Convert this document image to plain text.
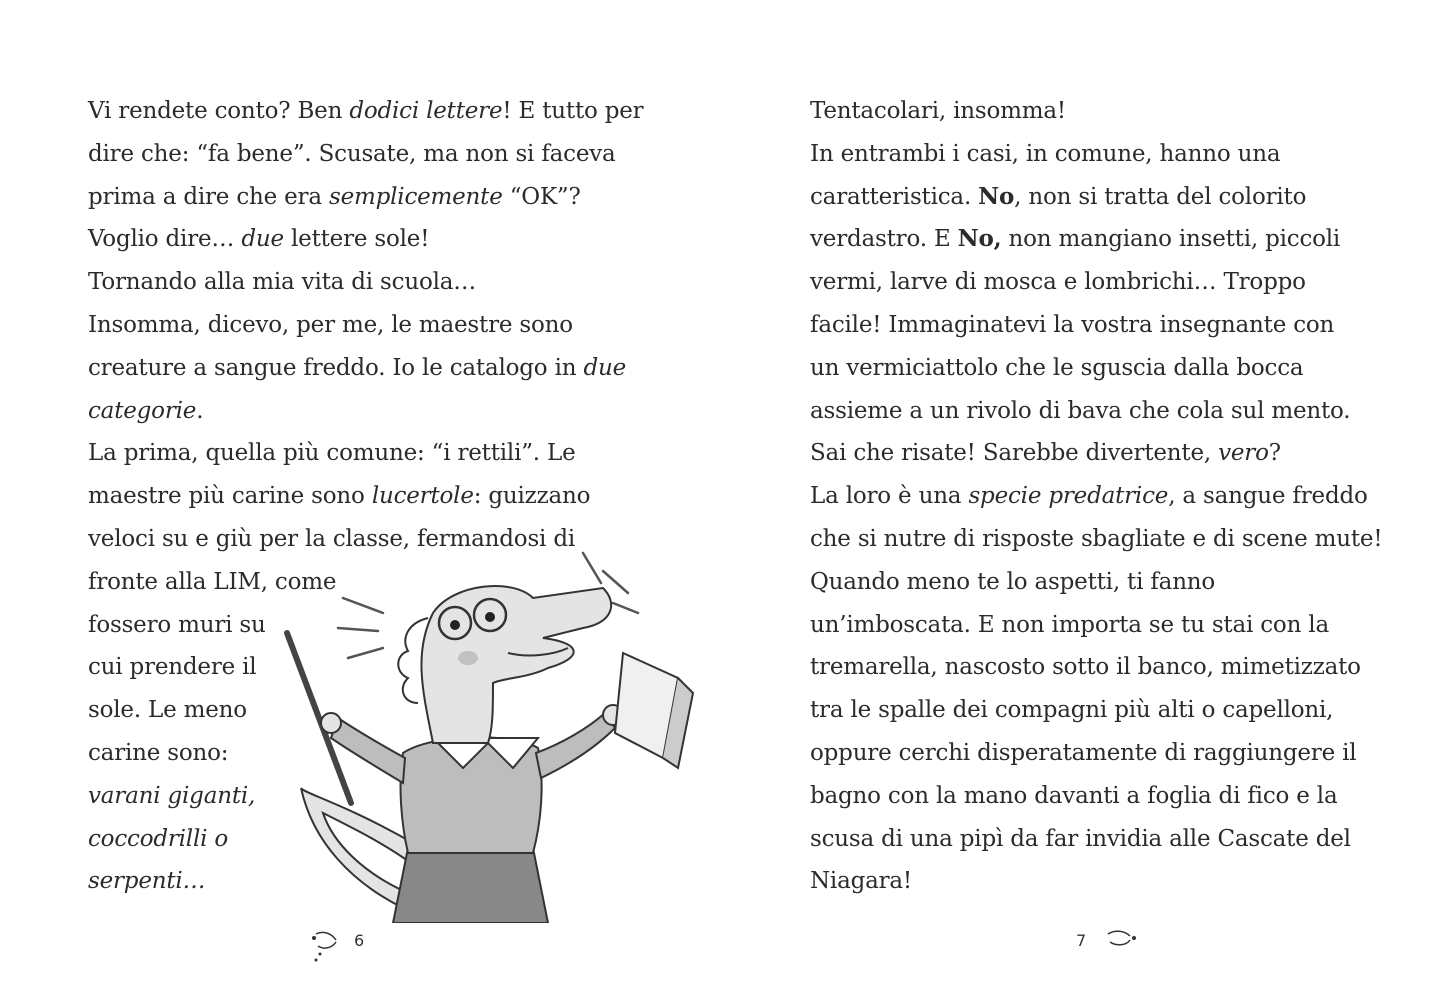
Vi rendete conto? Ben dodici lettere! E tutto per
dire che: “fa bene”. Scusate, ma non si faceva
prima a dire che era semplicemente “OK”?
Voglio dire… due lettere sole!
Tornando alla mia vita di scuola…
Insomma, dicevo, per me, le maestre sono
creature a sangue freddo. Io le catalogo in due
categorie.
La prima, quella più comune: “i rettili”. Le
maestre più carine sono lucertole: guizzano
veloci su e giù per la classe, fermandosi di
fronte alla LIM, come
fossero muri su
cui prendere il
sole. Le meno
carine sono:
varani giganti,
coccodrilli o
serpenti…
6
Tentacolari, insomma!
In entrambi i casi, in comune, hanno una
caratteristica. No, non si tratta del colorito
verdastro. E No, non mangiano insetti, piccoli
vermi, larve di mosca e lombrichi… Troppo
facile! Immaginatevi la vostra insegnante con
un vermiciattolo che le sguscia dalla bocca
assieme a un rivolo di bava che cola sul mento.
Sai che risate! Sarebbe divertente, vero?
La loro è una specie predatrice, a sangue freddo
che si nutre di risposte sbagliate e di scene mute!
Quando meno te lo aspetti, ti fanno
un’imboscata. E non importa se tu stai con la
tremarella, nascosto sotto il banco, mimetizzato
tra le spalle dei compagni più alti o capelloni,
oppure cerchi disperatamente di raggiungere il
bagno con la mano davanti a foglia di fico e la
scusa di una pipì da far invidia alle Cascate del
Niagara!
7
